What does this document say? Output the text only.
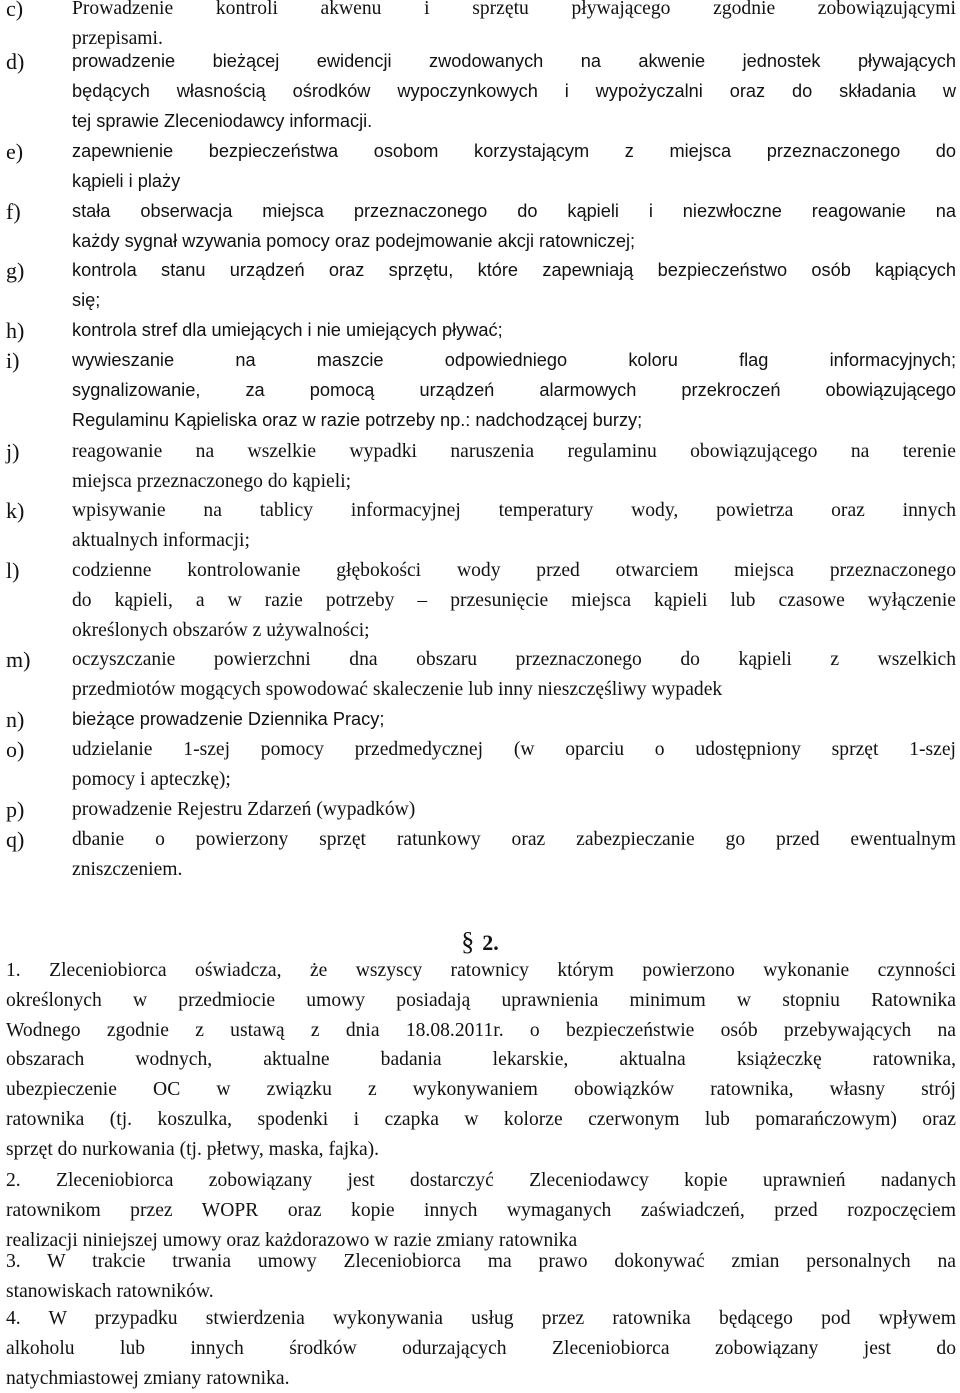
c) Prowadzenie kontroli akwenu i sprzętu pływającego zgodnie zobowiązującymi
przepisami.
d)	prowadzenie bieżącej ewidencji zwodowanych na akwenie jednostek pływających
będących własnością ośrodków wypoczynkowych i wypożyczalni oraz do składania w
tej sprawie Zleceniodawcy informacji.
e)	zapewnienie bezpieczeństwa osobom korzystającym z miejsca przeznaczonego do
kąpieli i plaży
f)	stała obserwacja miejsca przeznaczonego do kąpieli i niezwłoczne reagowanie na
każdy sygnał wzywania pomocy oraz podejmowanie akcji ratowniczej;
g)	kontrola stanu urządzeń oraz sprzętu, które zapewniają bezpieczeństwo osób kąpiących
się;
h)	kontrola stref dla umiejących i nie umiejących pływać;
i)	wywieszanie na maszcie odpowiedniego koloru flag informacyjnych;
sygnalizowanie, za pomocą urządzeń alarmowych przekroczeń obowiązującego
Regulaminu Kąpieliska oraz w razie potrzeby np.: nadchodzącej burzy;
j)	reagowanie na wszelkie wypadki naruszenia regulaminu obowiązującego na terenie
miejsca przeznaczonego do kąpieli;
k) wpisywanie na tablicy informacyjnej temperatury wody, powietrza oraz innych
aktualnych informacji;
l)	codzienne kontrolowanie głębokości wody przed otwarciem miejsca przeznaczonego
do kąpieli, a w razie potrzeby – przesunięcie miejsca kąpieli lub czasowe wyłączenie
określonych obszarów z używalności;
m) oczyszczanie powierzchni dna obszaru przeznaczonego do kąpieli z wszelkich
przedmiotów mogących spowodować skaleczenie lub inny nieszczęśliwy wypadek
n)	bieżące prowadzenie Dziennika Pracy;
o) udzielanie 1-szej pomocy przedmedycznej (w oparciu o udostępniony sprzęt 1-szej
pomocy i apteczkę);
p) prowadzenie Rejestru Zdarzeń (wypadków)
q) dbanie o powierzony sprzęt ratunkowy oraz zabezpieczanie go przed ewentualnym
zniszczeniem.
§ 2.
1. Zleceniobiorca oświadcza, że wszyscy ratownicy którym powierzono wykonanie czynności
określonych w przedmiocie umowy posiadają uprawnienia minimum w stopniu Ratownika
Wodnego zgodnie z ustawą z dnia 18.08.2011r. o bezpieczeństwie osób przebywających na
obszarach wodnych, aktualne badania lekarskie, aktualna książeczkę ratownika,
ubezpieczenie OC w związku z wykonywaniem obowiązków ratownika, własny strój
ratownika (tj. koszulka, spodenki i czapka w kolorze czerwonym lub pomarańczowym) oraz
sprzęt do nurkowania (tj. płetwy, maska, fajka).
2. Zleceniobiorca zobowiązany jest dostarczyć Zleceniodawcy kopie uprawnień nadanych
ratownikom przez WOPR oraz kopie innych wymaganych zaświadczeń, przed rozpoczęciem
realizacji niniejszej umowy oraz każdorazowo w razie zmiany ratownika
3. W trakcie trwania umowy Zleceniobiorca ma prawo dokonywać zmian personalnych na
stanowiskach ratowników.
4. W przypadku stwierdzenia wykonywania usług przez ratownika będącego pod wpływem
alkoholu lub innych środków odurzających Zleceniobiorca zobowiązany jest do
natychmiastowej zmiany ratownika.
